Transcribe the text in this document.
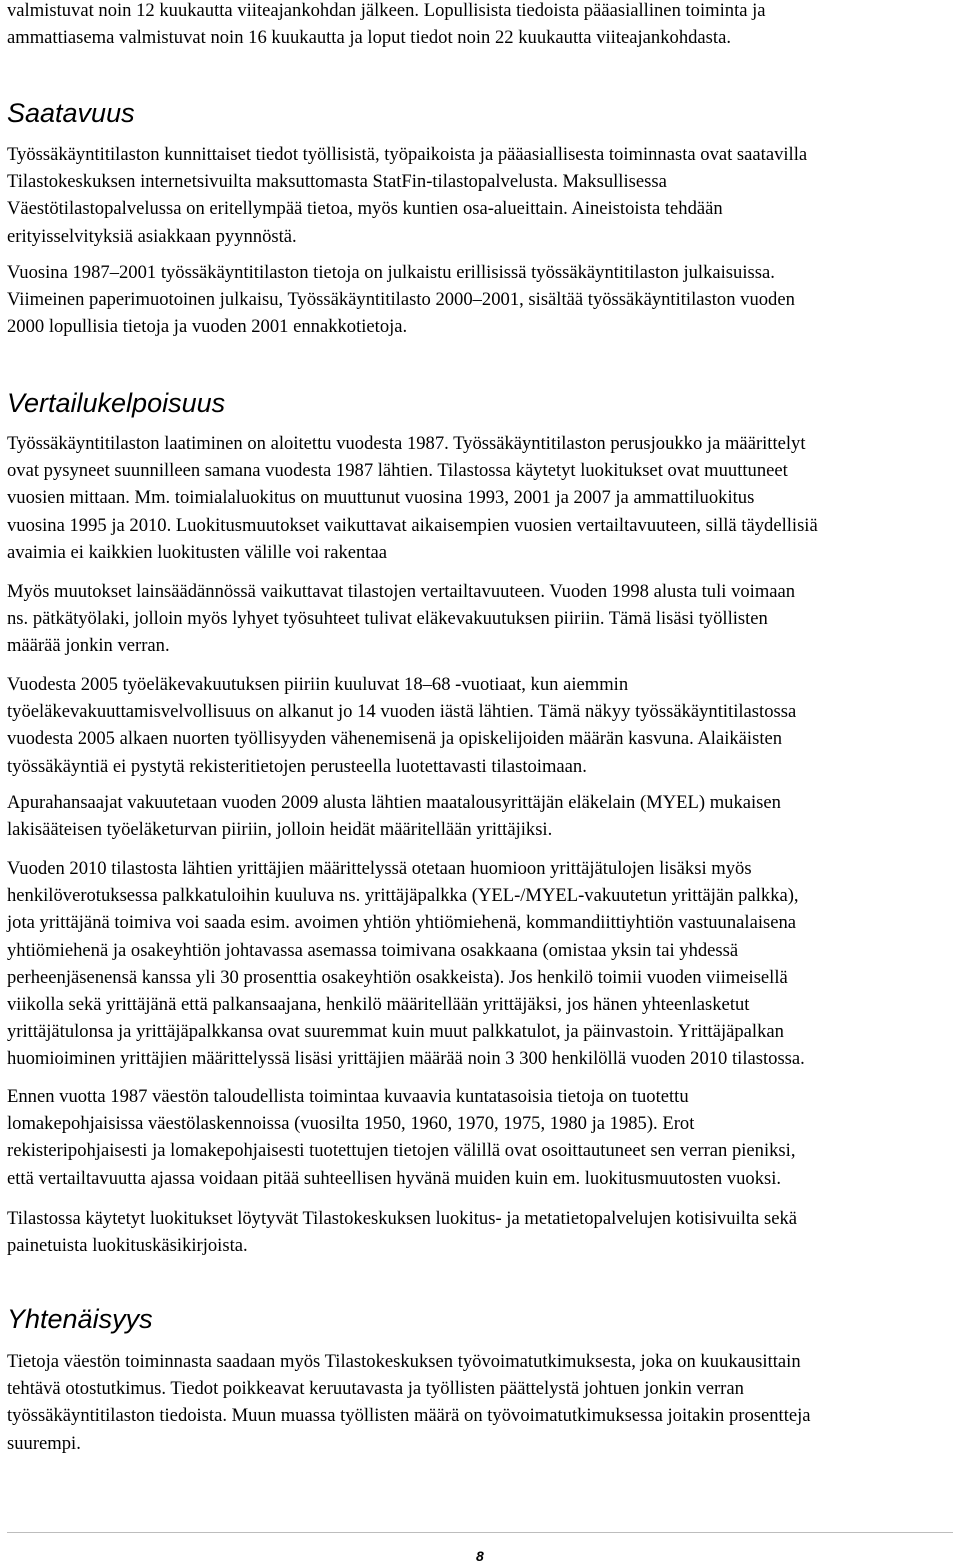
valmistuvat noin 12 kuukautta viiteajankohdan jälkeen. Lopullisista tiedoista pääasiallinen toiminta ja
ammattiasema valmistuvat noin 16 kuukautta ja loput tiedot noin 22 kuukautta viiteajankohdasta.
Saatavuus
Työssäkäyntitilaston kunnittaiset tiedot työllisistä, työpaikoista ja pääasiallisesta toiminnasta ovat saatavilla
Tilastokeskuksen internetsivuilta maksuttomasta StatFin-tilastopalvelusta. Maksullisessa
Väestötilastopalvelussa on eritellympää tietoa, myös kuntien osa-alueittain. Aineistoista tehdään
erityisselvityksiä asiakkaan pyynnöstä.
Vuosina 1987–2001 työssäkäyntitilaston tietoja on julkaistu erillisissä työssäkäyntitilaston julkaisuissa.
Viimeinen paperimuotoinen julkaisu, Työssäkäyntitilasto 2000–2001, sisältää työssäkäyntitilaston vuoden
2000 lopullisia tietoja ja vuoden 2001 ennakkotietoja.
Vertailukelpoisuus
Työssäkäyntitilaston laatiminen on aloitettu vuodesta 1987. Työssäkäyntitilaston perusjoukko ja määrittelyt
ovat pysyneet suunnilleen samana vuodesta 1987 lähtien. Tilastossa käytetyt luokitukset ovat muuttuneet
vuosien mittaan. Mm. toimialaluokitus on muuttunut vuosina 1993, 2001 ja 2007 ja ammattiluokitus
vuosina 1995 ja 2010. Luokitusmuutokset vaikuttavat aikaisempien vuosien vertailtavuuteen, sillä täydellisiä
avaimia ei kaikkien luokitusten välille voi rakentaa
Myös muutokset lainsäädännössä vaikuttavat tilastojen vertailtavuuteen. Vuoden 1998 alusta tuli voimaan
ns. pätkätyölaki, jolloin myös lyhyet työsuhteet tulivat eläkevakuutuksen piiriin. Tämä lisäsi työllisten
määrää jonkin verran.
Vuodesta 2005 työeläkevakuutuksen piiriin kuuluvat 18–68 -vuotiaat, kun aiemmin
työeläkevakuuttamisvelvollisuus on alkanut jo 14 vuoden iästä lähtien. Tämä näkyy työssäkäyntitilastossa
vuodesta 2005 alkaen nuorten työllisyyden vähenemisenä ja opiskelijoiden määrän kasvuna. Alaikäisten
työssäkäyntiä ei pystytä rekisteritietojen perusteella luotettavasti tilastoimaan.
Apurahansaajat vakuutetaan vuoden 2009 alusta lähtien maatalousyrittäjän eläkelain (MYEL) mukaisen
lakisääteisen työeläketurvan piiriin, jolloin heidät määritellään yrittäjiksi.
Vuoden 2010 tilastosta lähtien yrittäjien määrittelyssä otetaan huomioon yrittäjätulojen lisäksi myös
henkilöverotuksessa palkkatuloihin kuuluva ns. yrittäjäpalkka (YEL-/MYEL-vakuutetun yrittäjän palkka),
jota yrittäjänä toimiva voi saada esim. avoimen yhtiön yhtiömiehenä, kommandiittiyhtiön vastuunalaisena
yhtiömiehenä ja osakeyhtiön johtavassa asemassa toimivana osakkaana (omistaa yksin tai yhdessä
perheenjäsenensä kanssa yli 30 prosenttia osakeyhtiön osakkeista). Jos henkilö toimii vuoden viimeisellä
viikolla sekä yrittäjänä että palkansaajana, henkilö määritellään yrittäjäksi, jos hänen yhteenlasketut
yrittäjätulonsa ja yrittäjäpalkkansa ovat suuremmat kuin muut palkkatulot, ja päinvastoin. Yrittäjäpalkan
huomioiminen yrittäjien määrittelyssä lisäsi yrittäjien määrää noin 3 300 henkilöllä vuoden 2010 tilastossa.
Ennen vuotta 1987 väestön taloudellista toimintaa kuvaavia kuntatasoisia tietoja on tuotettu
lomakepohjaisissa väestölaskennoissa (vuosilta 1950, 1960, 1970, 1975, 1980 ja 1985). Erot
rekisteripohjaisesti ja lomakepohjaisesti tuotettujen tietojen välillä ovat osoittautuneet sen verran pieniksi,
että vertailtavuutta ajassa voidaan pitää suhteellisen hyvänä muiden kuin em. luokitusmuutosten vuoksi.
Tilastossa käytetyt luokitukset löytyvät Tilastokeskuksen luokitus- ja metatietopalvelujen kotisivuilta sekä
painetuista luokituskäsikirjoista.
Yhtenäisyys
Tietoja väestön toiminnasta saadaan myös Tilastokeskuksen työvoimatutkimuksesta, joka on kuukausittain
tehtävä otostutkimus. Tiedot poikkeavat keruutavasta ja työllisten päättelystä johtuen jonkin verran
työssäkäyntitilaston tiedoista. Muun muassa työllisten määrä on työvoimatutkimuksessa joitakin prosentteja
suurempi.
8
